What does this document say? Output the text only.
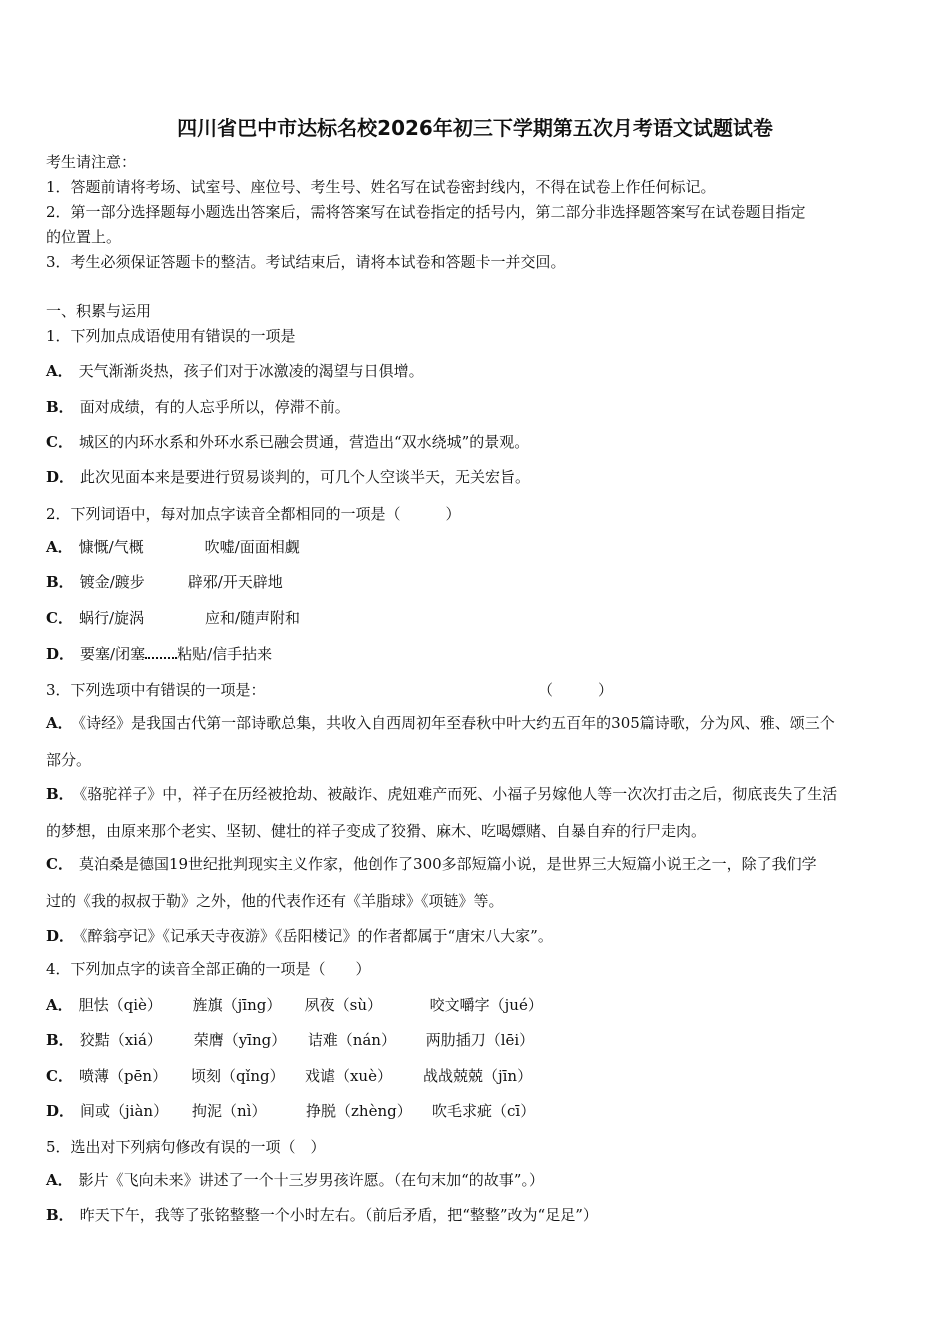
四川省巴中市达标名校2026年初三下学期第五次月考语文试题试卷
考生请注意：
1．答题前请将考场、试室号、座位号、考生号、姓名写在试卷密封线内，不得在试卷上作任何标记。
2．第一部分选择题每小题选出答案后，需将答案写在试卷指定的括号内，第二部分非选择题答案写在试卷题目指定
的位置上。
3．考生必须保证答题卡的整洁。考试结束后，请将本试卷和答题卡一并交回。
一、积累与运用
1．下列加点成语使用有错误的一项是
A． 天气渐渐炎热，孩子们对于冰激凌的渴望与日俱增。
B． 面对成绩，有的人忘乎所以，停滞不前。
C． 城区的内环水系和外环水系已融会贯通，营造出“双水绕城”的景观。
D． 此次见面本来是要进行贸易谈判的，可几个人空谈半天，无关宏旨。
2．下列词语中，每对加点字读音全都相同的一项是（　　　）
A． 慷慨/气概	吹嘘/面面相觑
B． 镀金/踱步	辟邪/开天辟地
C． 蜗行/旋涡	应和/随声附和
D． 要塞/闭塞 粘贴/信手拈来
3．下列选项中有错误的一项是：	（　　　）
A． 《诗经》是我国古代第一部诗歌总集，共收入自西周初年至春秋中叶大约五百年的305篇诗歌，分为风、雅、颂三个
部分。
B． 《骆驼祥子》中，祥子在历经被抢劫、被敲诈、虎妞难产而死、小福子另嫁他人等一次次打击之后，彻底丧失了生活
的梦想，由原来那个老实、坚韧、健壮的祥子变成了狡猾、麻木、吃喝嫖赌、自暴自弃的行尸走肉。
C． 莫泊桑是德国19世纪批判现实主义作家，他创作了300多部短篇小说，是世界三大短篇小说王之一，除了我们学
过的《我的叔叔于勒》之外，他的代表作还有《羊脂球》《项链》等。
D． 《醉翁亭记》《记承天寺夜游》《岳阳楼记》的作者都属于“唐宋八大家”。
4．下列加点字的读音全部正确的一项是（　　）
A． 胆怯（qiè） 旌旗（jīng） 夙夜（sù）	咬文嚼字（jué）
B． 狡黠（xiá） 荣膺（yīng） 诘难（nán） 两肋插刀（lēi）
C． 喷薄（pēn） 顷刻（qǐng） 戏谑（xuè） 战战兢兢（jīn）
D． 间或（jiàn） 拘泥（nì）	挣脱（zhèng） 吹毛求疵（cī）
5．选出对下列病句修改有误的一项（　）
A． 影片《飞向未来》讲述了一个十三岁男孩许愿。（在句末加“的故事”。）
B． 昨天下午，我等了张铭整整一个小时左右。（前后矛盾，把“整整”改为“足足”）
